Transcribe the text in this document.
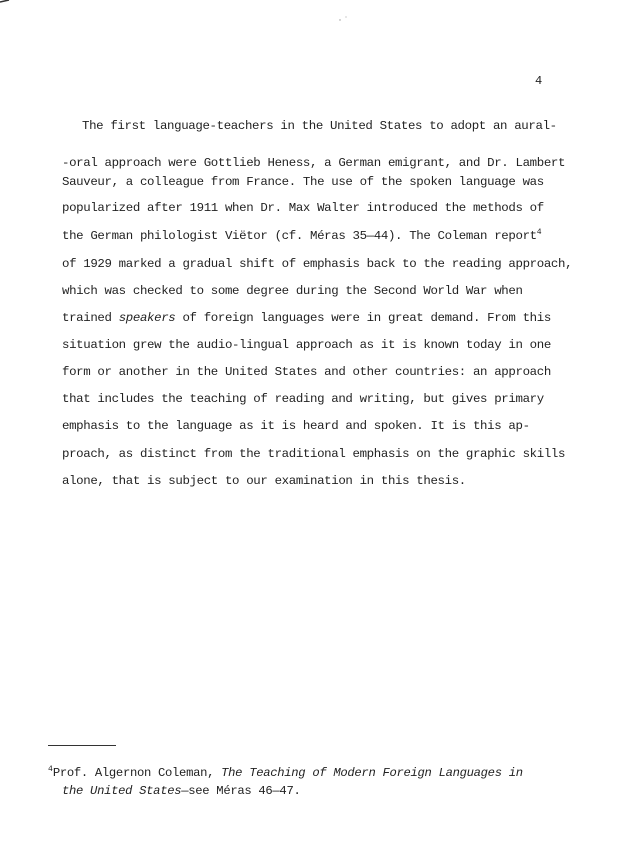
4
The first language-teachers in the United States to adopt an aural-
-oral approach were Gottlieb Heness, a German emigrant, and Dr. Lambert
Sauveur, a colleague from France. The use of the spoken language was
popularized after 1911 when Dr. Max Walter introduced the methods of
the German philologist Viëtor (cf. Méras 35—44). The Coleman report$^4$
of 1929 marked a gradual shift of emphasis back to the reading approach,
which was checked to some degree during the Second World War when
trained speakers of foreign languages were in great demand. From this
situation grew the audio-lingual approach as it is known today in one
form or another in the United States and other countries: an approach
that includes the teaching of reading and writing, but gives primary
emphasis to the language as it is heard and spoken. It is this ap-
proach, as distinct from the traditional emphasis on the graphic skills
alone, that is subject to our examination in this thesis.
$^4$Prof. Algernon Coleman, The Teaching of Modern Foreign Languages in
the United States—see Méras 46—47.
